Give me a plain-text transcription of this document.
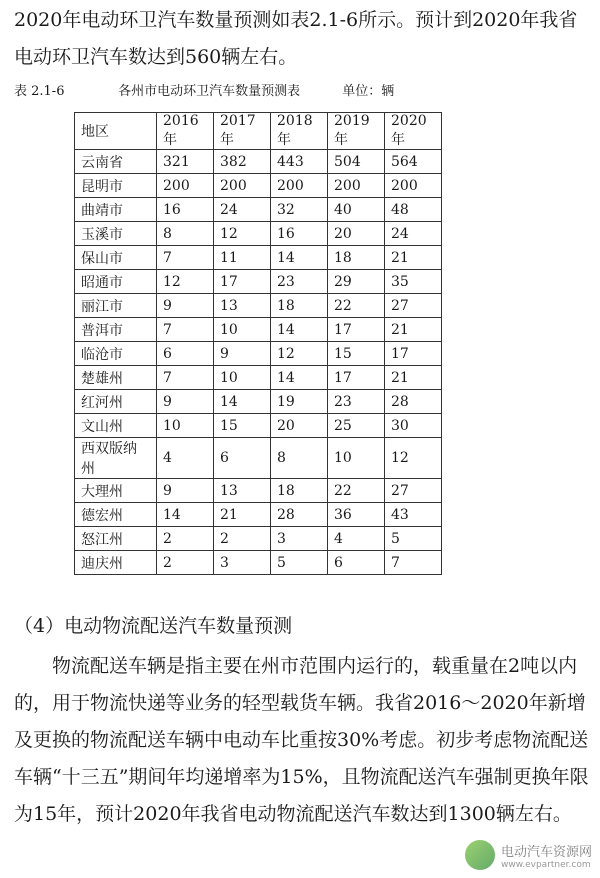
2020年电动环卫汽车数量预测如表2.1-6所示。预计到2020年我省电动环卫汽车数达到560辆左右。

表 2.1-6	各州市电动环卫汽车数量预测表	单位：辆
地区	2016 年	2017 年	2018 年	2019 年	2020 年
云南省	321	382	443	504	564
昆明市	200	200	200	200	200
曲靖市	16	24	32	40	48
玉溪市	8	12	16	20	24
保山市	7	11	14	18	21
昭通市	12	17	23	29	35
丽江市	9	13	18	22	27
普洱市	7	10	14	17	21
临沧市	6	9	12	15	17
楚雄州	7	10	14	17	21
红河州	9	14	19	23	28
文山州	10	15	20	25	30
西双版纳州	4	6	8	10	12
大理州	9	13	18	22	27
德宏州	14	21	28	36	43
怒江州	2	2	3	4	5
迪庆州	2	3	5	6	7

（4）电动物流配送汽车数量预测

物流配送车辆是指主要在州市范围内运行的，载重量在2吨以内的，用于物流快递等业务的轻型载货车辆。我省2016～2020年新增及更换的物流配送车辆中电动车比重按30%考虑。初步考虑物流配送车辆“十三五”期间年均递增率为15%，且物流配送汽车强制更换年限为15年，预计2020年我省电动物流配送汽车数达到1300辆左右。

电动汽车资源网
www.evpartner.com
